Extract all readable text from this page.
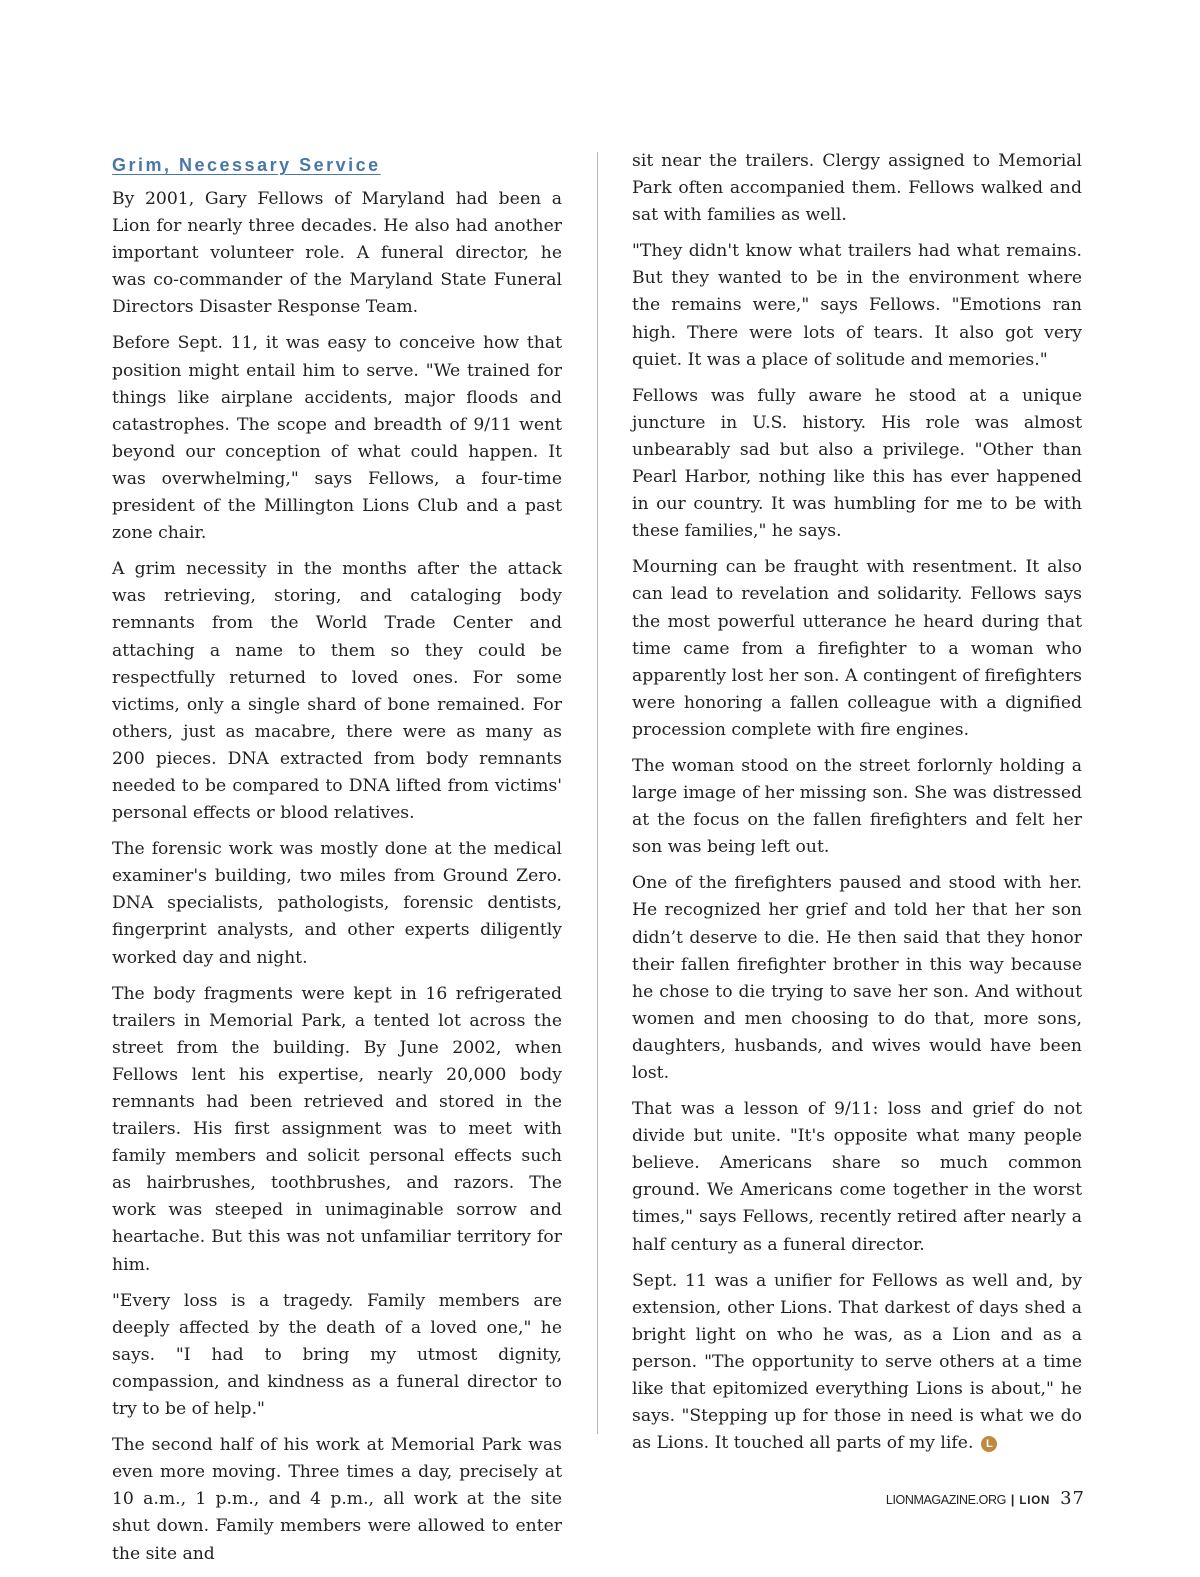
Grim, Necessary Service

By 2001, Gary Fellows of Maryland had been a Lion for nearly three decades. He also had another important volunteer role. A funeral director, he was co-commander of the Maryland State Funeral Directors Disaster Response Team.

Before Sept. 11, it was easy to conceive how that position might entail him to serve. "We trained for things like airplane accidents, major floods and catastrophes. The scope and breadth of 9/11 went beyond our conception of what could happen. It was overwhelming," says Fellows, a four-time president of the Millington Lions Club and a past zone chair.

A grim necessity in the months after the attack was retrieving, storing, and cataloging body remnants from the World Trade Center and attaching a name to them so they could be respectfully returned to loved ones. For some victims, only a single shard of bone remained. For others, just as macabre, there were as many as 200 pieces. DNA extracted from body remnants needed to be compared to DNA lifted from victims' personal effects or blood relatives.

The forensic work was mostly done at the medical examiner's building, two miles from Ground Zero. DNA specialists, pathologists, forensic dentists, fingerprint analysts, and other experts diligently worked day and night.

The body fragments were kept in 16 refrigerated trailers in Memorial Park, a tented lot across the street from the building. By June 2002, when Fellows lent his expertise, nearly 20,000 body remnants had been retrieved and stored in the trailers. His first assignment was to meet with family members and solicit personal effects such as hairbrushes, toothbrushes, and razors. The work was steeped in unimaginable sorrow and heartache. But this was not unfamiliar territory for him.

"Every loss is a tragedy. Family members are deeply affected by the death of a loved one," he says. "I had to bring my utmost dignity, compassion, and kindness as a funeral director to try to be of help."

The second half of his work at Memorial Park was even more moving. Three times a day, precisely at 10 a.m., 1 p.m., and 4 p.m., all work at the site shut down. Family members were allowed to enter the site and

sit near the trailers. Clergy assigned to Memorial Park often accompanied them. Fellows walked and sat with families as well.

"They didn't know what trailers had what remains. But they wanted to be in the environment where the remains were," says Fellows. "Emotions ran high. There were lots of tears. It also got very quiet. It was a place of solitude and memories."

Fellows was fully aware he stood at a unique juncture in U.S. history. His role was almost unbearably sad but also a privilege. "Other than Pearl Harbor, nothing like this has ever happened in our country. It was humbling for me to be with these families," he says.

Mourning can be fraught with resentment. It also can lead to revelation and solidarity. Fellows says the most powerful utterance he heard during that time came from a firefighter to a woman who apparently lost her son. A contingent of firefighters were honoring a fallen colleague with a dignified procession complete with fire engines.

The woman stood on the street forlornly holding a large image of her missing son. She was distressed at the focus on the fallen firefighters and felt her son was being left out.

One of the firefighters paused and stood with her. He recognized her grief and told her that her son didn’t deserve to die. He then said that they honor their fallen firefighter brother in this way because he chose to die trying to save her son. And without women and men choosing to do that, more sons, daughters, husbands, and wives would have been lost.

That was a lesson of 9/11: loss and grief do not divide but unite. "It's opposite what many people believe. Americans share so much common ground. We Americans come together in the worst times," says Fellows, recently retired after nearly a half century as a funeral director.

Sept. 11 was a unifier for Fellows as well and, by extension, other Lions. That darkest of days shed a bright light on who he was, as a Lion and as a person. "The opportunity to serve others at a time like that epitomized everything Lions is about," he says. "Stepping up for those in need is what we do as Lions. It touched all parts of my life. L

LIONMAGAZINE.ORG | LION 37
